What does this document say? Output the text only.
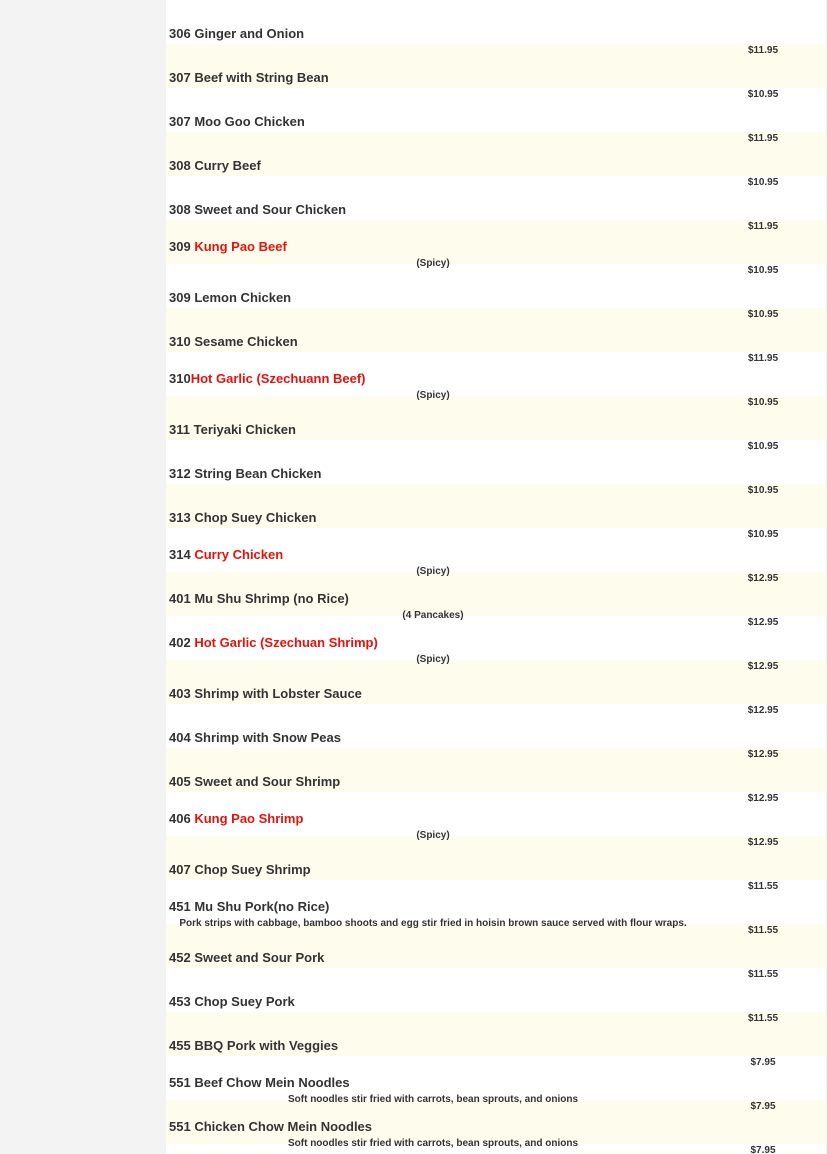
$11.95
306 Ginger and Onion
$10.95
307 Beef with String Bean
$11.95
307 Moo Goo Chicken
$10.95
308 Curry Beef
$11.95
308 Sweet and Sour Chicken
$10.95
309 Kung Pao Beef
(Spicy)
$10.95
309 Lemon Chicken
$11.95
310 Sesame Chicken
$10.95
310Hot Garlic (Szechuann Beef)
(Spicy)
$10.95
311 Teriyaki Chicken
$10.95
312 String Bean Chicken
$10.95
313 Chop Suey Chicken
$12.95
314 Curry Chicken
(Spicy)
$12.95
401 Mu Shu Shrimp (no Rice)
(4 Pancakes)
$12.95
402 Hot Garlic (Szechuan Shrimp)
(Spicy)
$12.95
403 Shrimp with Lobster Sauce
$12.95
404 Shrimp with Snow Peas
$12.95
405 Sweet and Sour Shrimp
$12.95
406 Kung Pao Shrimp
(Spicy)
$11.55
407 Chop Suey Shrimp
$11.55
451 Mu Shu Pork(no Rice)
Pork strips with cabbage, bamboo shoots and egg stir fried in hoisin brown sauce served with flour wraps.
$11.55
452 Sweet and Sour Pork
$11.55
453 Chop Suey Pork
$7.95
455 BBQ Pork with Veggies
$7.95
551 Beef Chow Mein Noodles
Soft noodles stir fried with carrots, bean sprouts, and onions
$7.95
551 Chicken Chow Mein Noodles
Soft noodles stir fried with carrots, bean sprouts, and onions
